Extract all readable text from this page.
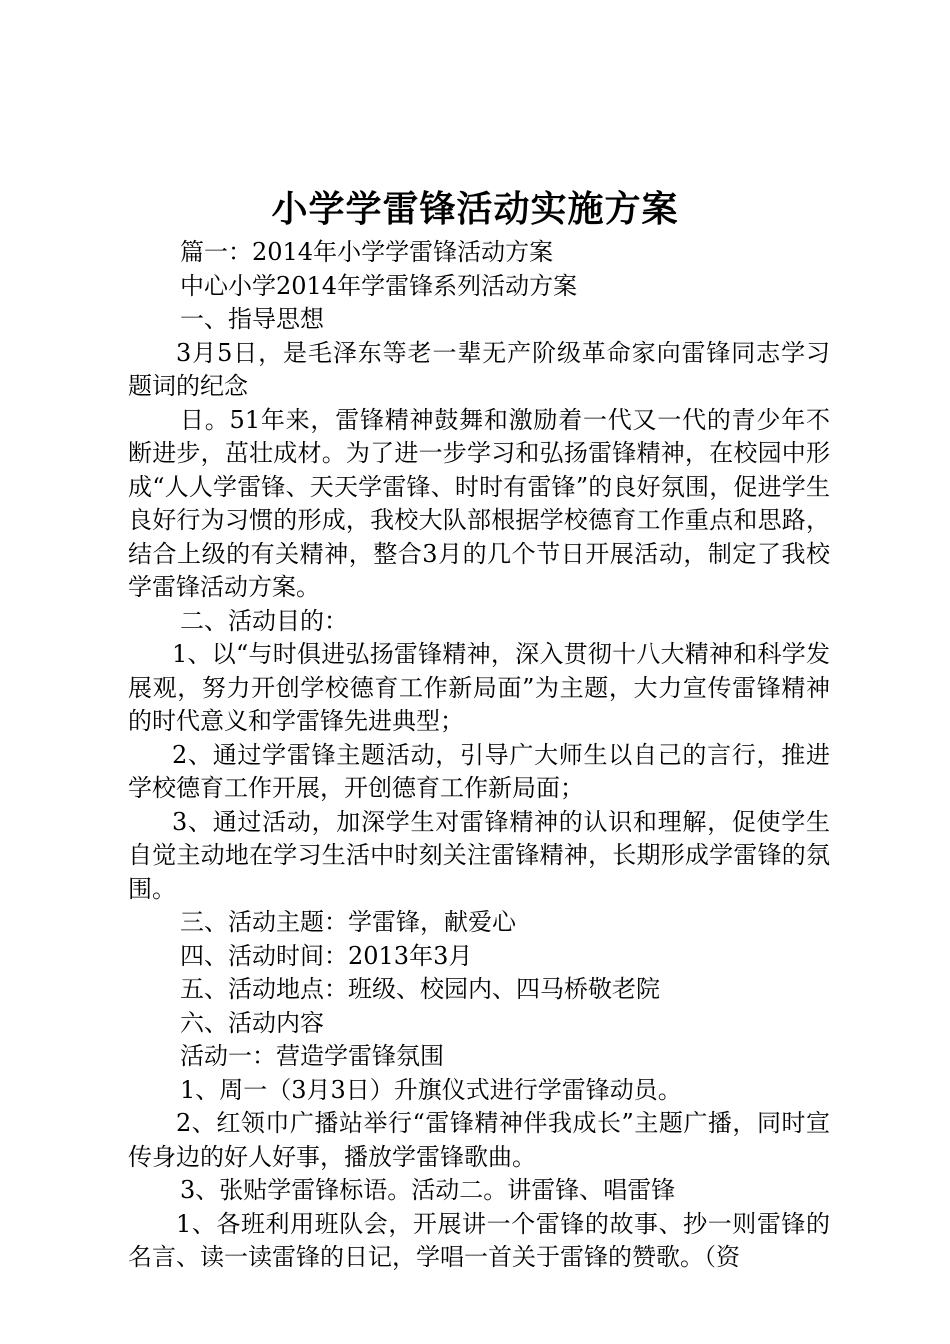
小学学雷锋活动实施方案

篇一：2014年小学学雷锋活动方案

中心小学2014年学雷锋系列活动方案

一、指导思想

3月5日，是毛泽东等老一辈无产阶级革命家向雷锋同志学习题词的纪念

日。51年来，雷锋精神鼓舞和激励着一代又一代的青少年不断进步，茁壮成材。为了进一步学习和弘扬雷锋精神，在校园中形成“人人学雷锋、天天学雷锋、时时有雷锋”的良好氛围，促进学生良好行为习惯的形成，我校大队部根据学校德育工作重点和思路，结合上级的有关精神，整合3月的几个节日开展活动，制定了我校学雷锋活动方案。

二、活动目的：

1、以“与时俱进弘扬雷锋精神，深入贯彻十八大精神和科学发展观，努力开创学校德育工作新局面”为主题，大力宣传雷锋精神的时代意义和学雷锋先进典型；

2、通过学雷锋主题活动，引导广大师生以自己的言行，推进学校德育工作开展，开创德育工作新局面；

3、通过活动，加深学生对雷锋精神的认识和理解，促使学生自觉主动地在学习生活中时刻关注雷锋精神，长期形成学雷锋的氛围。

三、活动主题：学雷锋，献爱心

四、活动时间：2013年3月

五、活动地点：班级、校园内、四马桥敬老院

六、活动内容

活动一：营造学雷锋氛围

1、周一（3月3日）升旗仪式进行学雷锋动员。

2、红领巾广播站举行“雷锋精神伴我成长”主题广播，同时宣传身边的好人好事，播放学雷锋歌曲。

3、张贴学雷锋标语。活动二。讲雷锋、唱雷锋

1、各班利用班队会，开展讲一个雷锋的故事、抄一则雷锋的名言、读一读雷锋的日记，学唱一首关于雷锋的赞歌。（资
